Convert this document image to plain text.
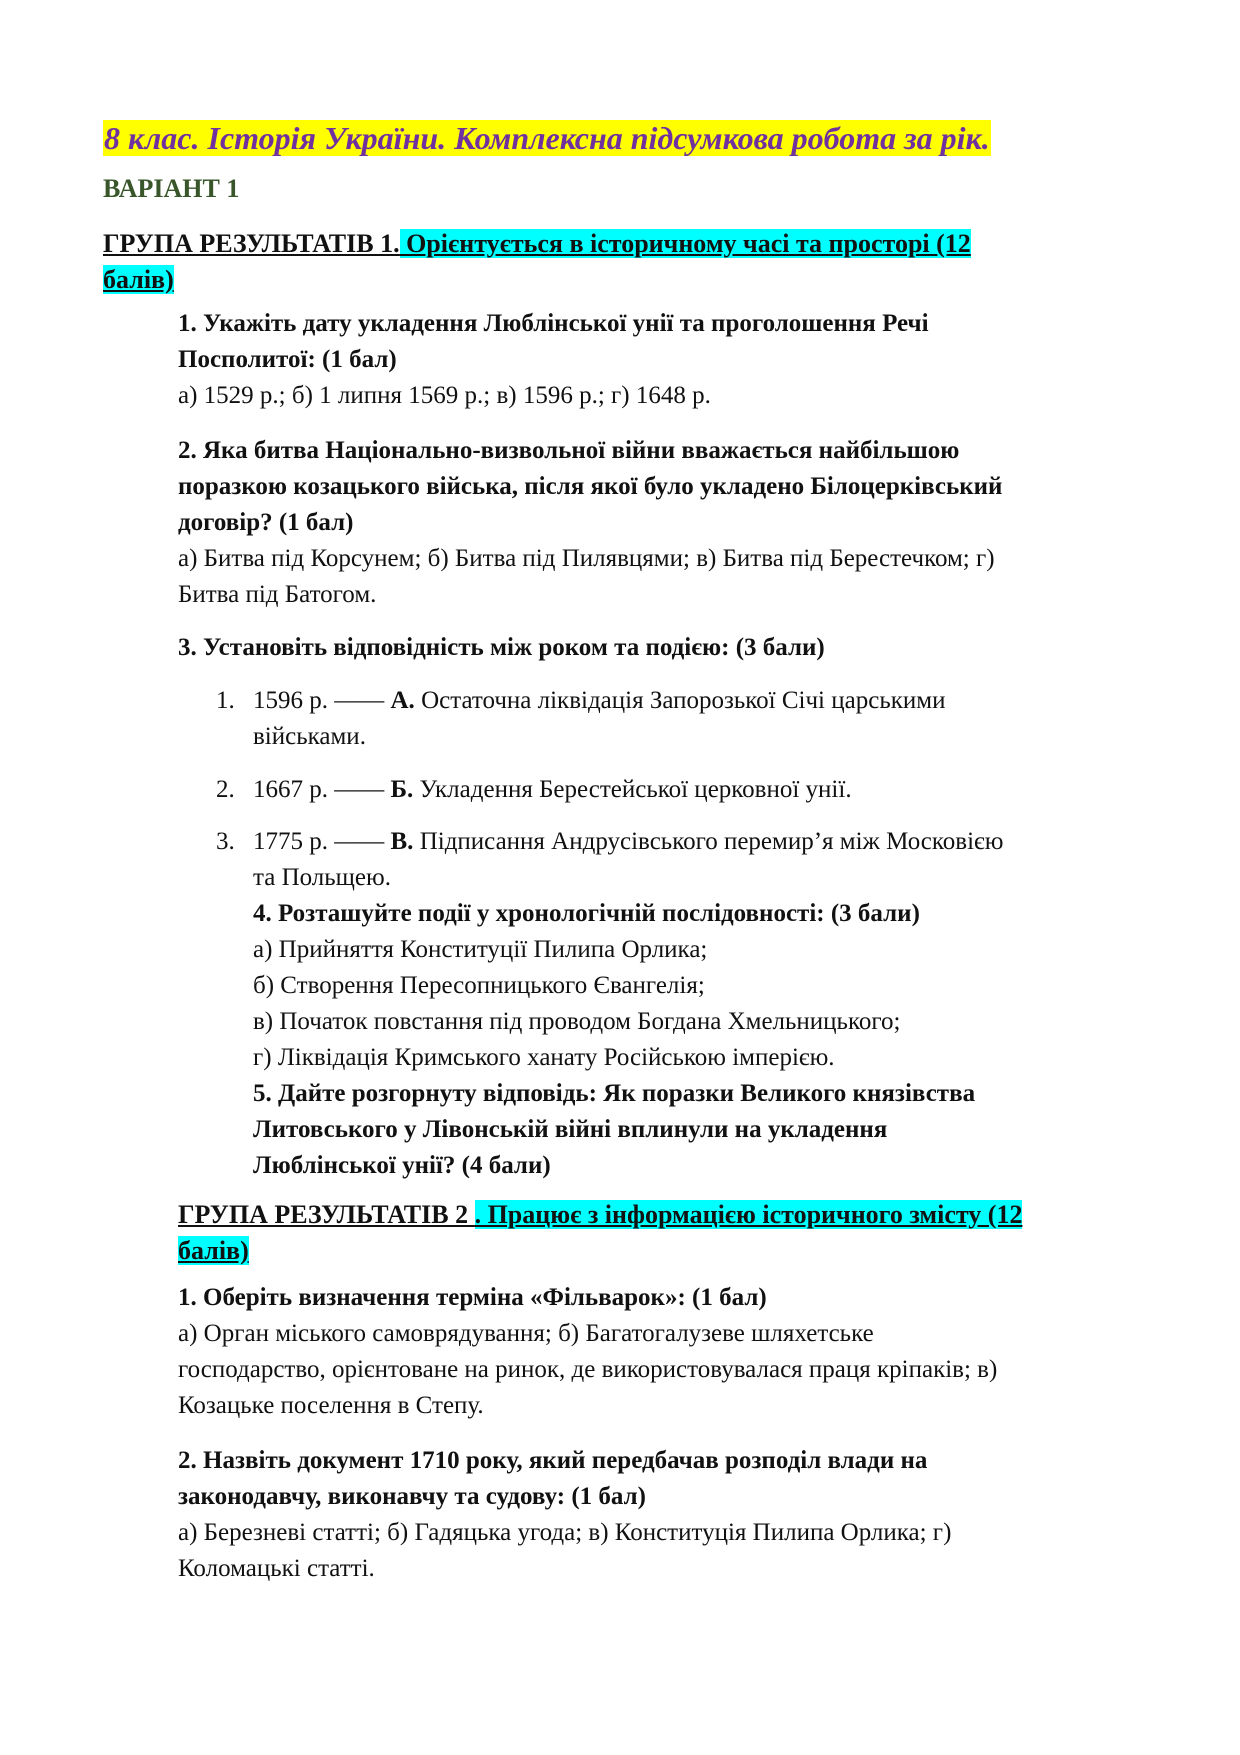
8 клас. Історія України. Комплексна підсумкова робота за рік.
ВАРІАНТ 1
ГРУПА РЕЗУЛЬТАТІВ 1. Орієнтується в історичному часі та просторі (12
балів)
1. Укажіть дату укладення Люблінської унії та проголошення Речі
Посполитої: (1 бал)
а) 1529 р.; б) 1 липня 1569 р.; в) 1596 р.; г) 1648 р.
2. Яка битва Національно-визвольної війни вважається найбільшою
поразкою козацького війська, після якої було укладено Білоцерківський
договір? (1 бал)
а) Битва під Корсунем; б) Битва під Пилявцями; в) Битва під Берестечком; г)
Битва під Батогом.
3. Установіть відповідність між роком та подією: (3 бали)
1. 1596 р. —— А. Остаточна ліквідація Запорозької Січі царськими
військами.
2. 1667 р. —— Б. Укладення Берестейської церковної унії.
3. 1775 р. —— В. Підписання Андрусівського перемир’я між Московією
та Польщею.
4. Розташуйте події у хронологічній послідовності: (3 бали)
а) Прийняття Конституції Пилипа Орлика;
б) Створення Пересопницького Євангелія;
в) Початок повстання під проводом Богдана Хмельницького;
г) Ліквідація Кримського ханату Російською імперією.
5. Дайте розгорнуту відповідь: Як поразки Великого князівства
Литовського у Лівонській війні вплинули на укладення
Люблінської унії? (4 бали)
ГРУПА РЕЗУЛЬТАТІВ 2 . Працює з інформацією історичного змісту (12
балів)
1. Оберіть визначення терміна «Фільварок»: (1 бал)
а) Орган міського самоврядування; б) Багатогалузеве шляхетське
господарство, орієнтоване на ринок, де використовувалася праця кріпаків; в)
Козацьке поселення в Степу.
2. Назвіть документ 1710 року, який передбачав розподіл влади на
законодавчу, виконавчу та судову: (1 бал)
а) Березневі статті; б) Гадяцька угода; в) Конституція Пилипа Орлика; г)
Коломацькі статті.
